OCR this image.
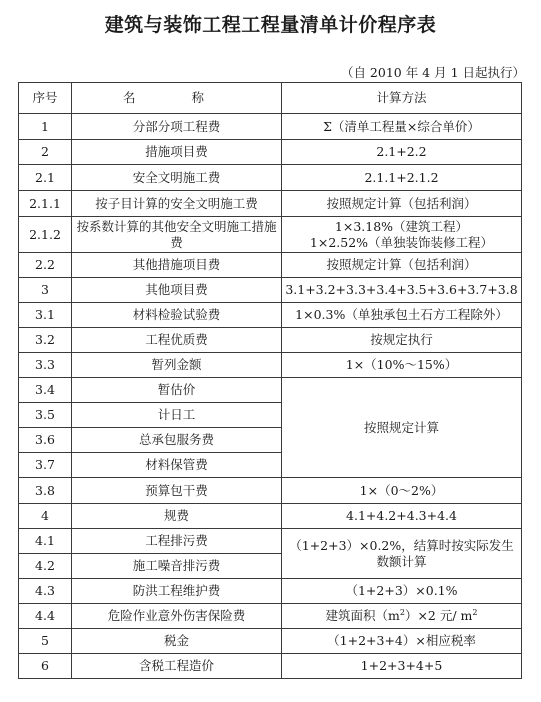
建筑与装饰工程工程量清单计价程序表
（自 2010 年 4 月 1 日起执行）
序号	名 称	计算方法
1	分部分项工程费	Σ（清单工程量×综合单价）
2	措施项目费	2.1+2.2
2.1	安全文明施工费	2.1.1+2.1.2
2.1.1	按子目计算的安全文明施工费	按照规定计算（包括利润）
2.1.2	按系数计算的其他安全文明施工措施费	1×3.18%（建筑工程）
1×2.52%（单独装饰装修工程）

2.2	其他措施项目费	按照规定计算（包括利润）
3	其他项目费	3.1+3.2+3.3+3.4+3.5+3.6+3.7+3.8
3.1	材料检验试验费	1×0.3%（单独承包土石方工程除外）
3.2	工程优质费	按规定执行
3.3	暂列金额	1×（10%～15%）
3.4	暂估价	按照规定计算
3.5	计日工	
3.6	总承包服务费	
3.7	材料保管费	
3.8	预算包干费	1×（0～2%）
4	规费	4.1+4.2+4.3+4.4
4.1	工程排污费	（1+2+3）×0.2%，结算时按实际发生数额计算
4.2	施工噪音排污费	
4.3	防洪工程维护费	（1+2+3）×0.1%
4.4	危险作业意外伤害保险费	建筑面积$(m^2)\times 2$ 元/ $m^2$
5	税金	（1+2+3+4）×相应税率
6	含税工程造价	1+2+3+4+5
